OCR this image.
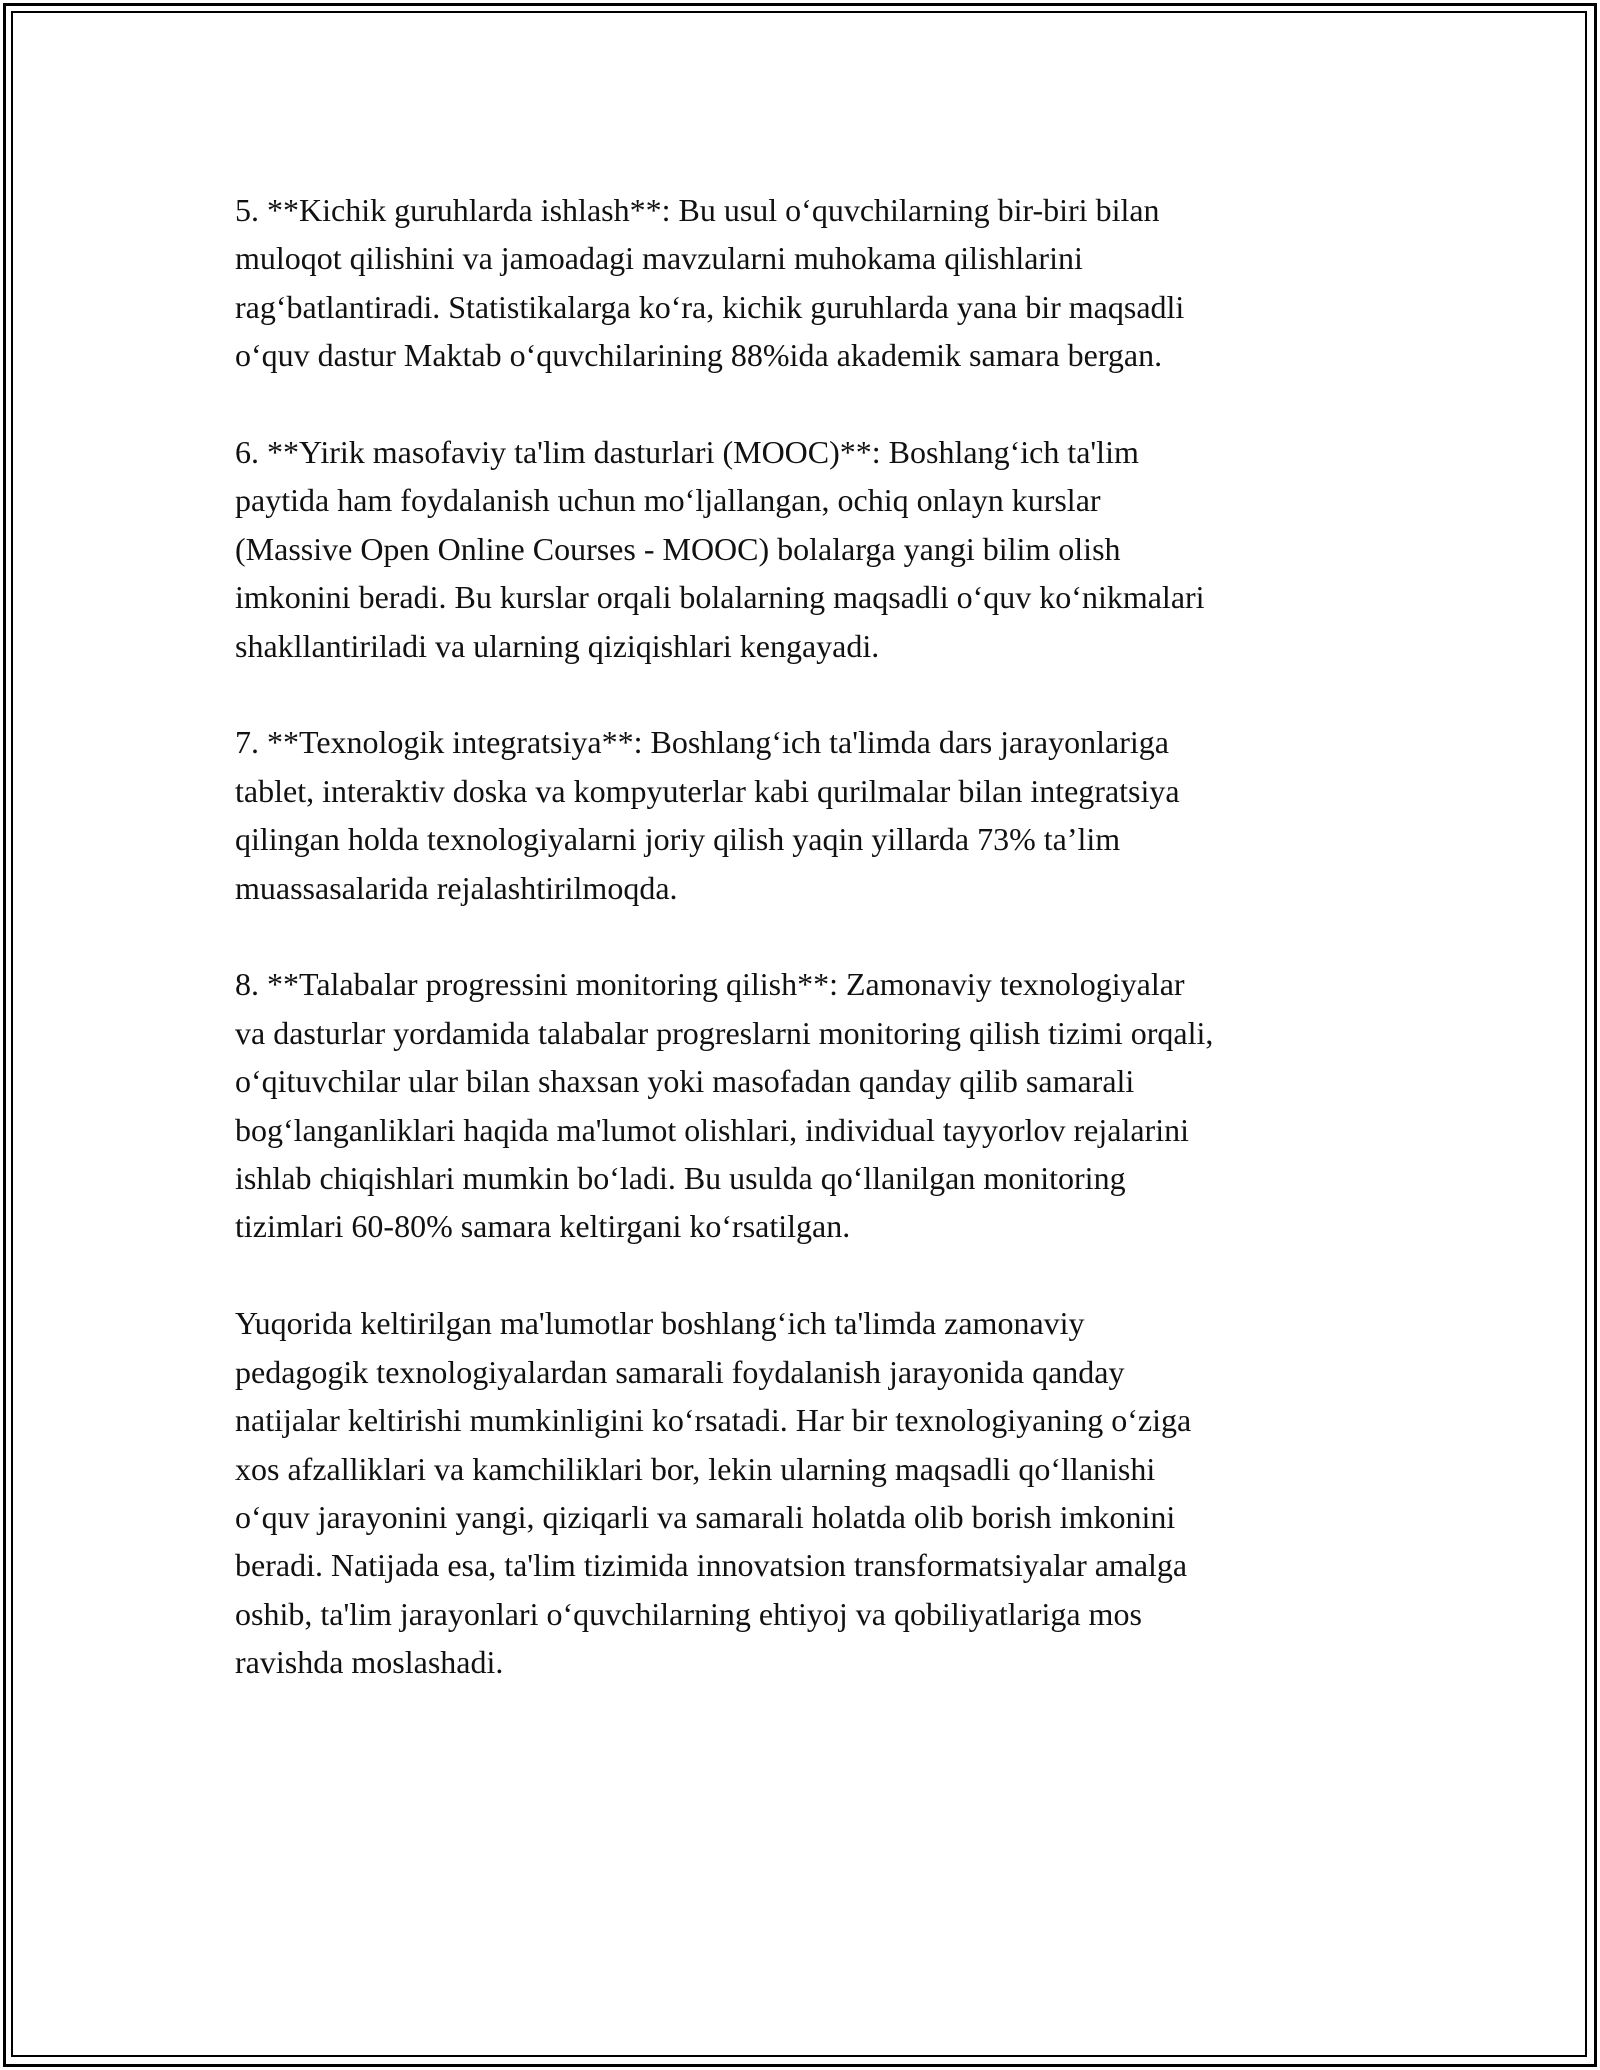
5. **Kichik guruhlarda ishlash**: Bu usul o‘quvchilarning bir-biri bilan
muloqot qilishini va jamoadagi mavzularni muhokama qilishlarini
rag‘batlantiradi. Statistikalarga ko‘ra, kichik guruhlarda yana bir maqsadli
o‘quv dastur Maktab o‘quvchilarining 88%ida akademik samara bergan.

6. **Yirik masofaviy ta'lim dasturlari (MOOC)**: Boshlang‘ich ta'lim
paytida ham foydalanish uchun mo‘ljallangan, ochiq onlayn kurslar
(Massive Open Online Courses - MOOC) bolalarga yangi bilim olish
imkonini beradi. Bu kurslar orqali bolalarning maqsadli o‘quv ko‘nikmalari
shakllantiriladi va ularning qiziqishlari kengayadi.

7. **Texnologik integratsiya**: Boshlang‘ich ta'limda dars jarayonlariga
tablet, interaktiv doska va kompyuterlar kabi qurilmalar bilan integratsiya
qilingan holda texnologiyalarni joriy qilish yaqin yillarda 73% ta’lim
muassasalarida rejalashtirilmoqda.

8. **Talabalar progressini monitoring qilish**: Zamonaviy texnologiyalar
va dasturlar yordamida talabalar progreslarni monitoring qilish tizimi orqali,
o‘qituvchilar ular bilan shaxsan yoki masofadan qanday qilib samarali
bog‘langanliklari haqida ma'lumot olishlari, individual tayyorlov rejalarini
ishlab chiqishlari mumkin bo‘ladi. Bu usulda qo‘llanilgan monitoring
tizimlari 60-80% samara keltirgani ko‘rsatilgan.

Yuqorida keltirilgan ma'lumotlar boshlang‘ich ta'limda zamonaviy
pedagogik texnologiyalardan samarali foydalanish jarayonida qanday
natijalar keltirishi mumkinligini ko‘rsatadi. Har bir texnologiyaning o‘ziga
xos afzalliklari va kamchiliklari bor, lekin ularning maqsadli qo‘llanishi
o‘quv jarayonini yangi, qiziqarli va samarali holatda olib borish imkonini
beradi. Natijada esa, ta'lim tizimida innovatsion transformatsiyalar amalga
oshib, ta'lim jarayonlari o‘quvchilarning ehtiyoj va qobiliyatlariga mos
ravishda moslashadi.
